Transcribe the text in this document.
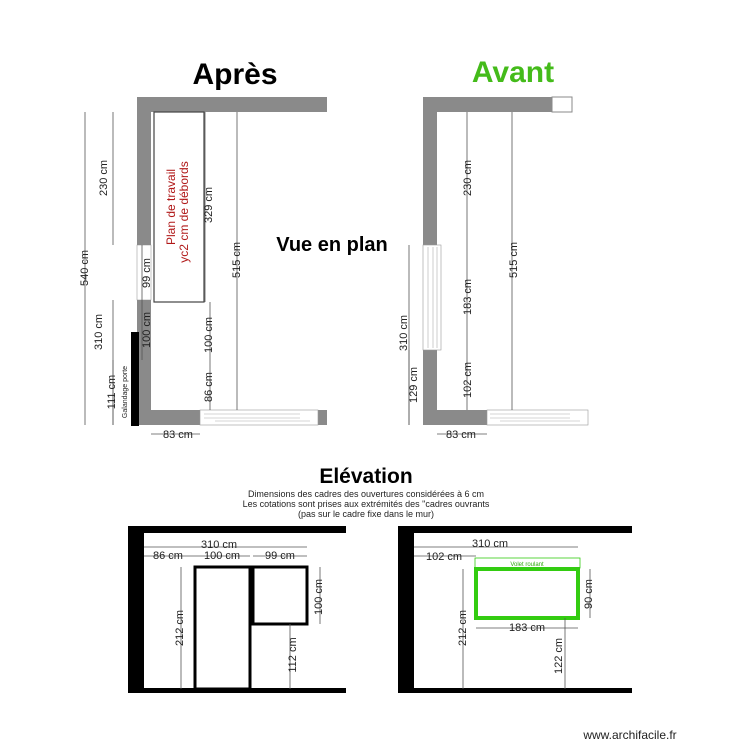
Après	Avant
Vue en plan
Elévation
Dimensions des cadres des ouvertures considérées à 6 cm
Les cotations sont prises aux extrémités des "cadres ouvrants
(pas sur le cadre fixe dans le mur)
Plan de travail yc2 cm de débords
540 cm
230 cm
99 cm
310 cm	100 cm
111 cm Galandage porte
329 cm
515 cm
100 cm
86 cm
83 cm
230 cm
515 cm
183 cm
310 cm
102 cm
129 cm
83 cm
310 cm
86 cm 100 cm 99 cm
100 cm
212 cm
112 cm
Volet roulant
310 cm
102 cm
90 cm
212 cm	183 cm
122 cm
www.archifacile.fr
